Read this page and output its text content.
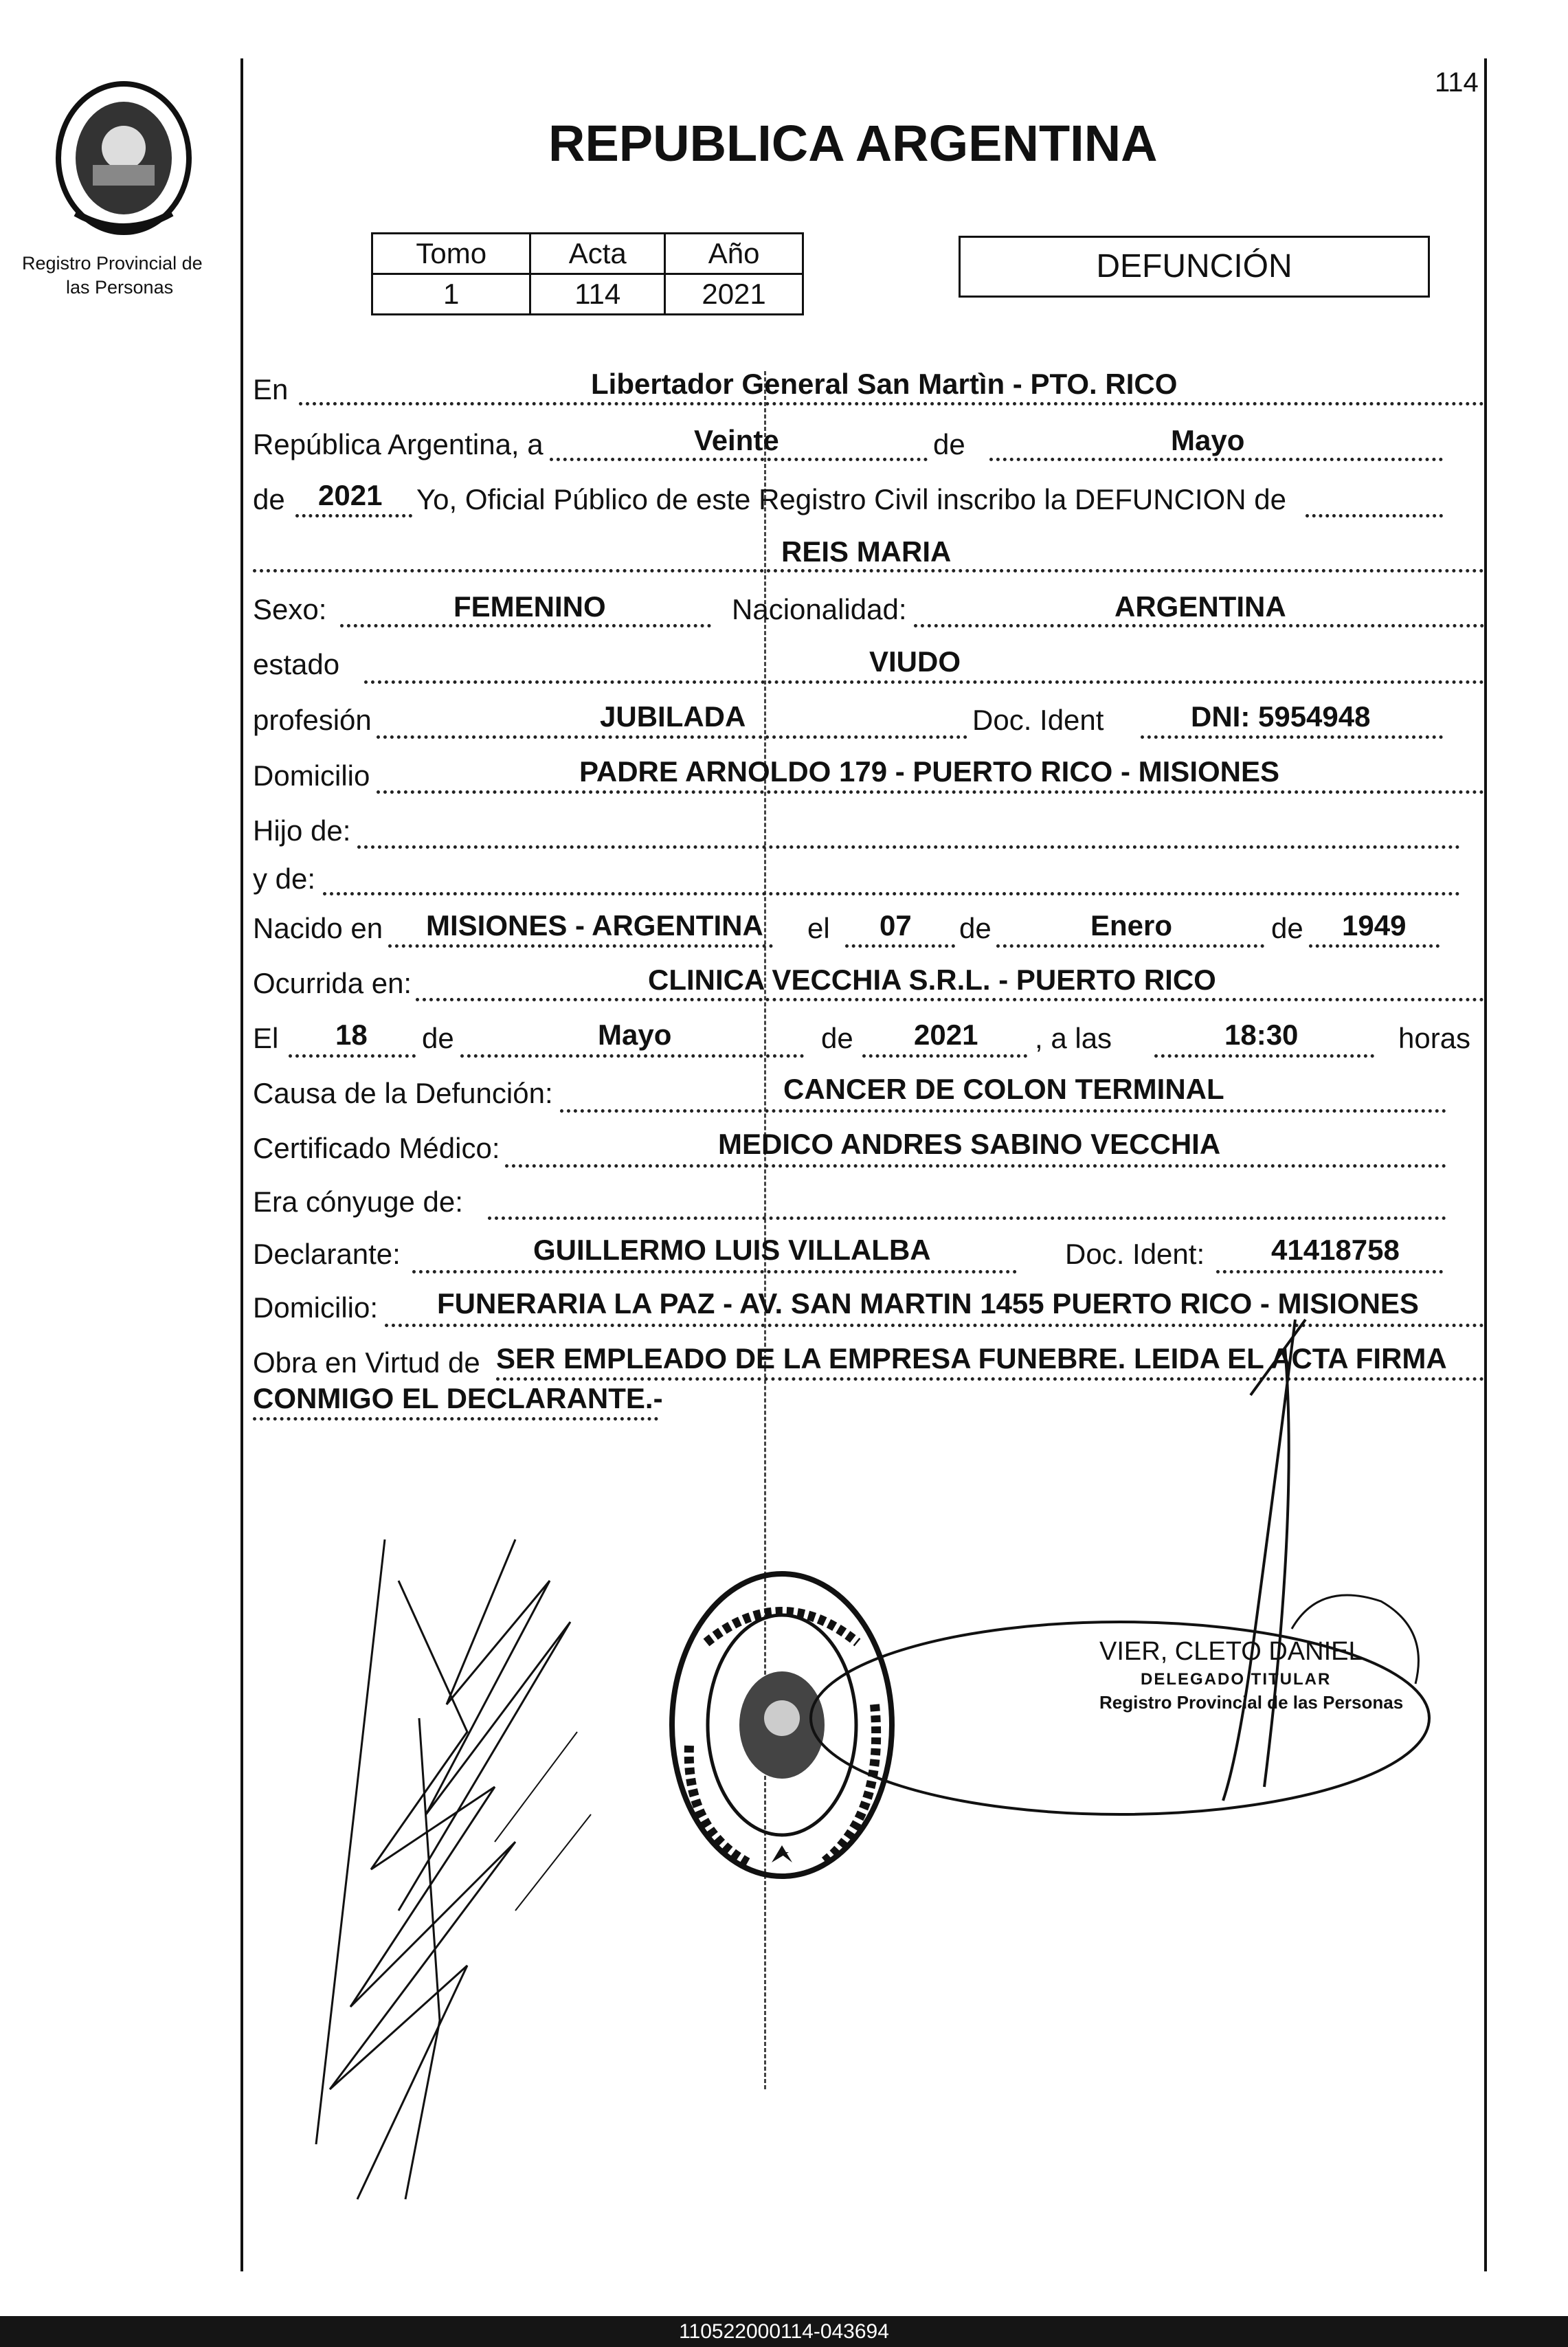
114
Registro Provincial de
las Personas
REPUBLICA ARGENTINA
Tomo	Acta	Año
1	114	2021
DEFUNCIÓN
En	Libertador General San Martìn - PTO. RICO
República Argentina, a	Veinte	de	Mayo
de 2021 Yo, Oficial Público de este Registro Civil inscribo la DEFUNCION de
REIS MARIA
Sexo:	FEMENINO	Nacionalidad:	ARGENTINA
estado	VIUDO
profesión	JUBILADA	Doc. Ident	DNI: 5954948
Domicilio	PADRE ARNOLDO 179 - PUERTO RICO - MISIONES
Hijo de:
y de:
Nacido en MISIONES - ARGENTINA el 07 de	Enero	de 1949
Ocurrida en:	CLINICA VECCHIA S.R.L. - PUERTO RICO
El 18 de	Mayo	de 2021 , a las	18:30	horas
Causa de la Defunción:	CANCER DE COLON TERMINAL
Certificado Médico:	MEDICO ANDRES SABINO VECCHIA
Era cónyuge de:
Declarante:	GUILLERMO LUIS VILLALBA	Doc. Ident: 41418758
Domicilio: FUNERARIA LA PAZ - AV. SAN MARTIN 1455 PUERTO RICO - MISIONES
Obra en Virtud de SER EMPLEADO DE LA EMPRESA FUNEBRE. LEIDA EL ACTA FIRMA
CONMIGO EL DECLARANTE.-
VIER, CLETO DANIEL
DELEGADO TITULAR
Registro Provincial de las Personas
110522000114-043694
